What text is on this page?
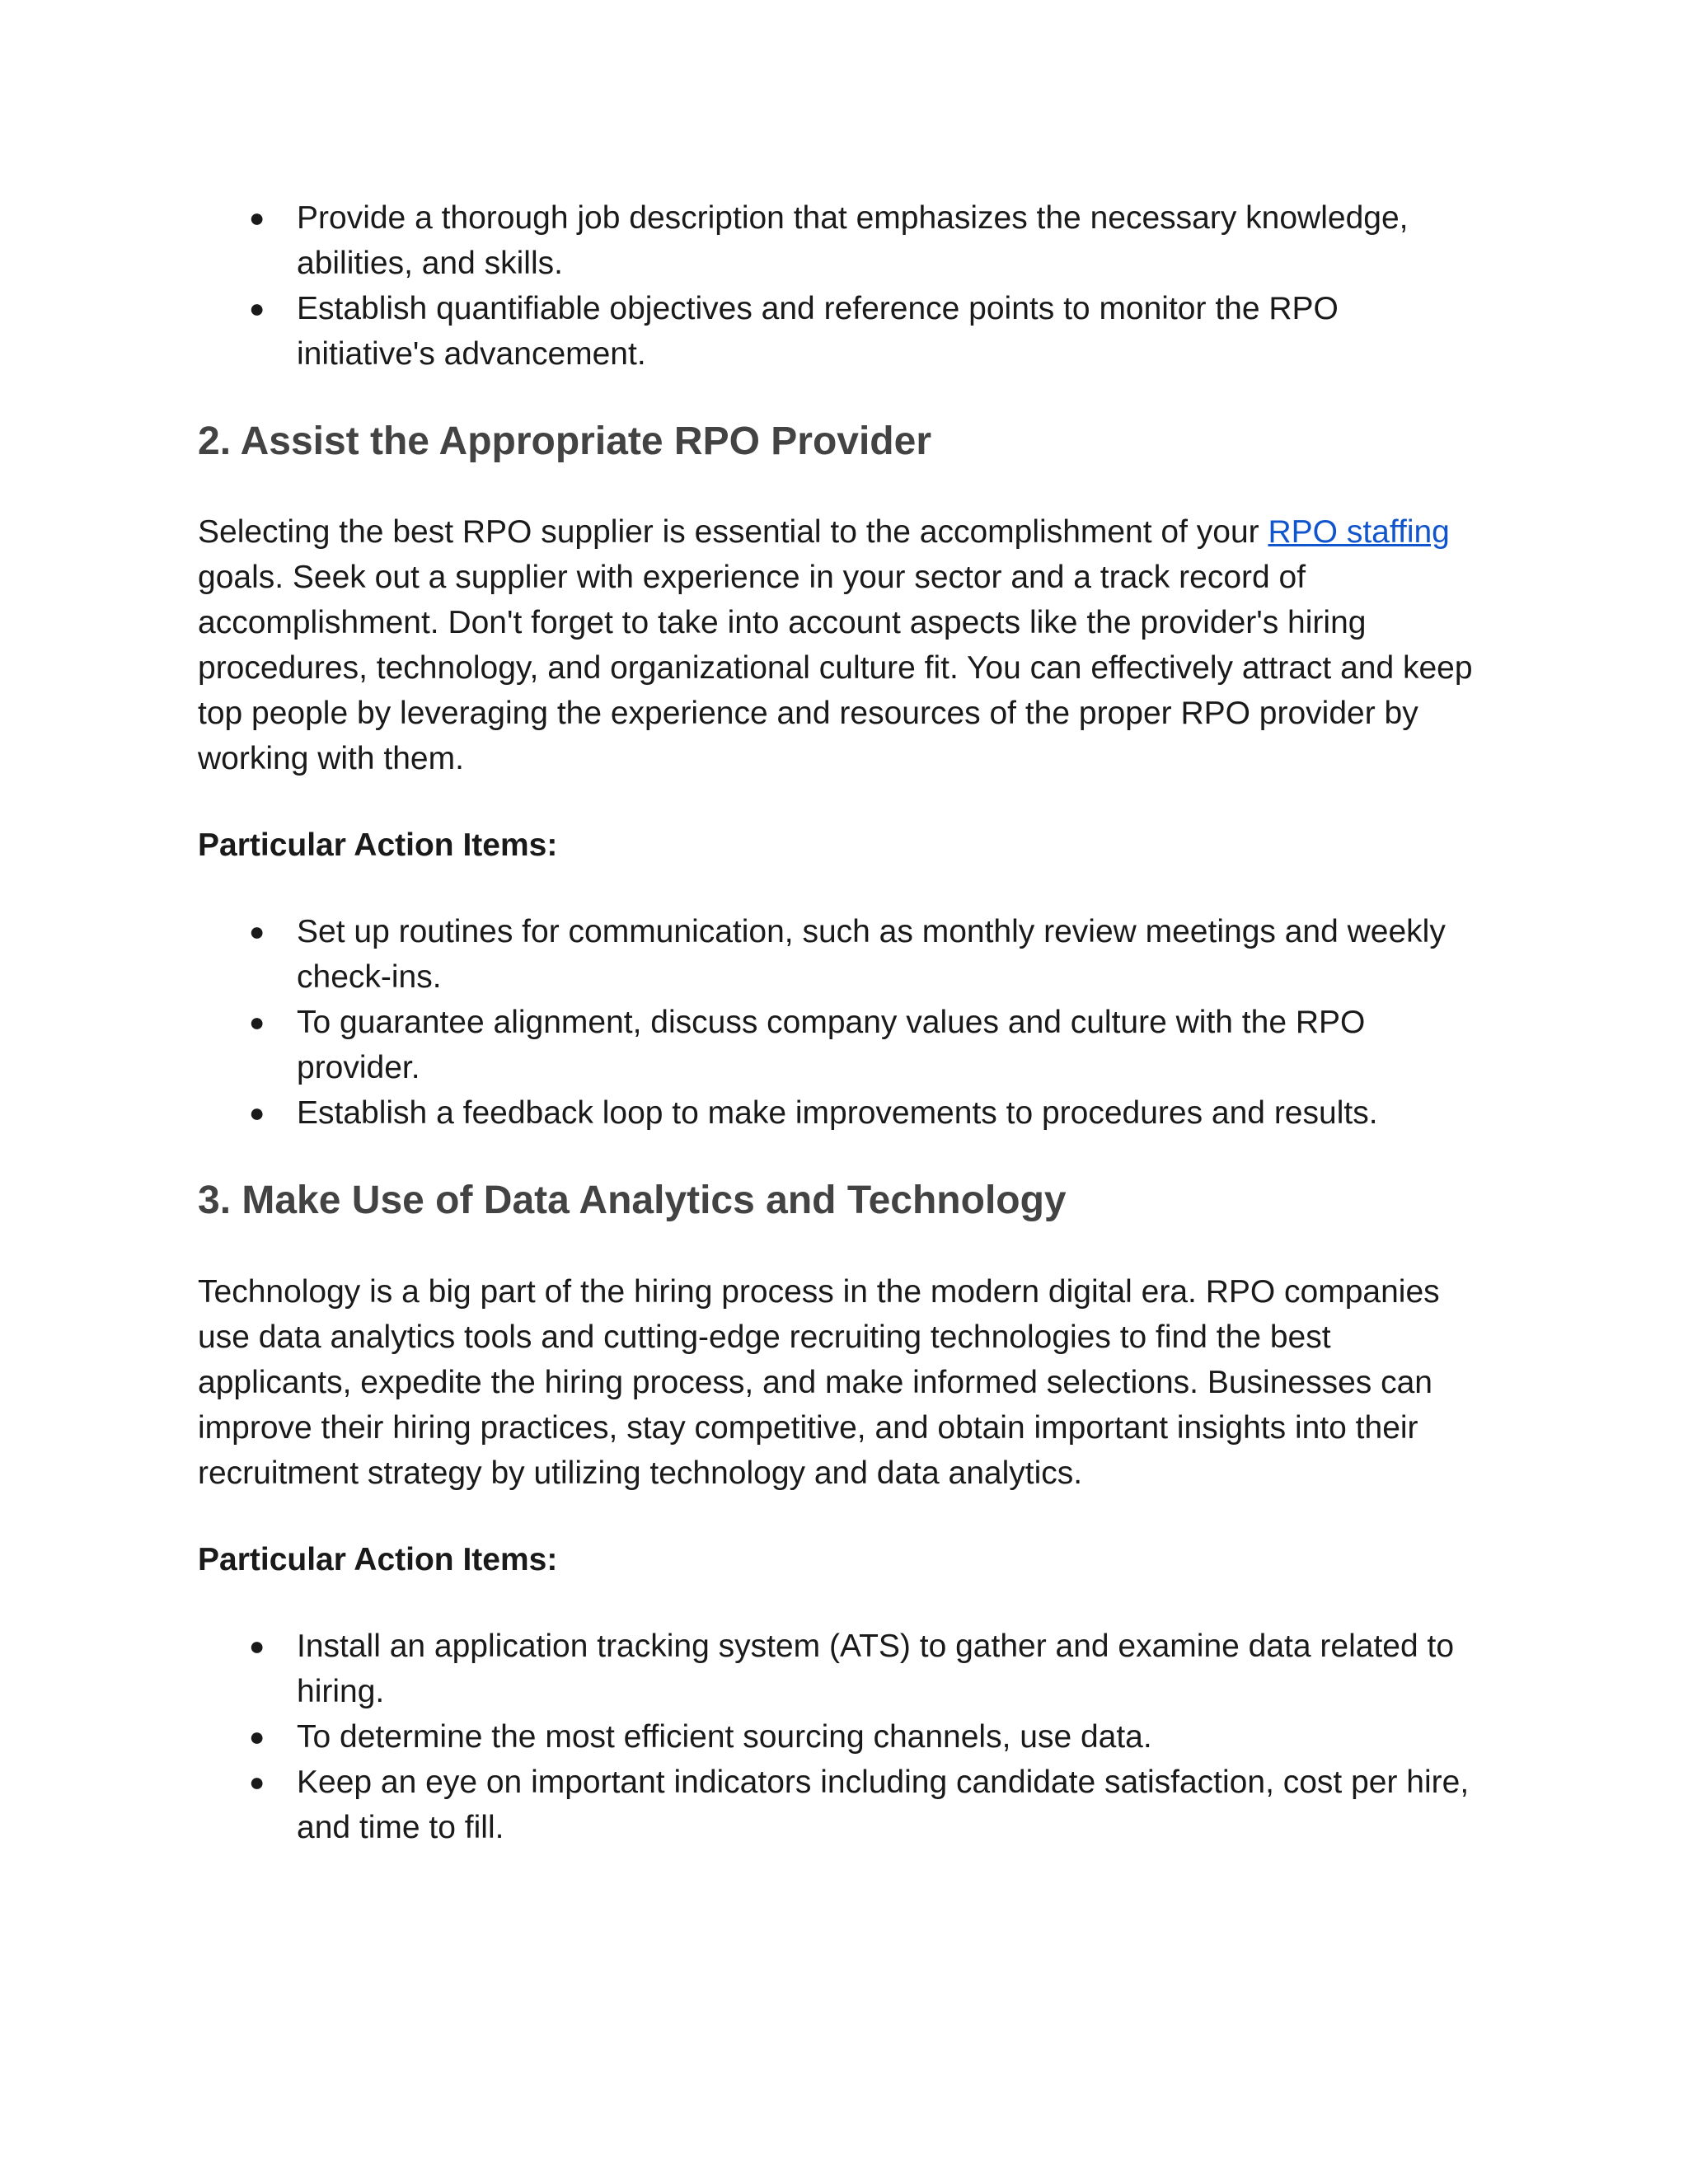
● Provide a thorough job description that emphasizes the necessary knowledge, abilities, and skills.
● Establish quantifiable objectives and reference points to monitor the RPO initiative's advancement.
2. Assist the Appropriate RPO Provider

Selecting the best RPO supplier is essential to the accomplishment of your RPO staffing goals. Seek out a supplier with experience in your sector and a track record of accomplishment. Don't forget to take into account aspects like the provider's hiring procedures, technology, and organizational culture fit. You can effectively attract and keep top people by leveraging the experience and resources of the proper RPO provider by working with them.

Particular Action Items:

● Set up routines for communication, such as monthly review meetings and weekly check-ins.
● To guarantee alignment, discuss company values and culture with the RPO provider.
● Establish a feedback loop to make improvements to procedures and results.
3. Make Use of Data Analytics and Technology

Technology is a big part of the hiring process in the modern digital era. RPO companies use data analytics tools and cutting-edge recruiting technologies to find the best applicants, expedite the hiring process, and make informed selections. Businesses can improve their hiring practices, stay competitive, and obtain important insights into their recruitment strategy by utilizing technology and data analytics.

Particular Action Items:

● Install an application tracking system (ATS) to gather and examine data related to hiring.
● To determine the most efficient sourcing channels, use data.
● Keep an eye on important indicators including candidate satisfaction, cost per hire, and time to fill.
